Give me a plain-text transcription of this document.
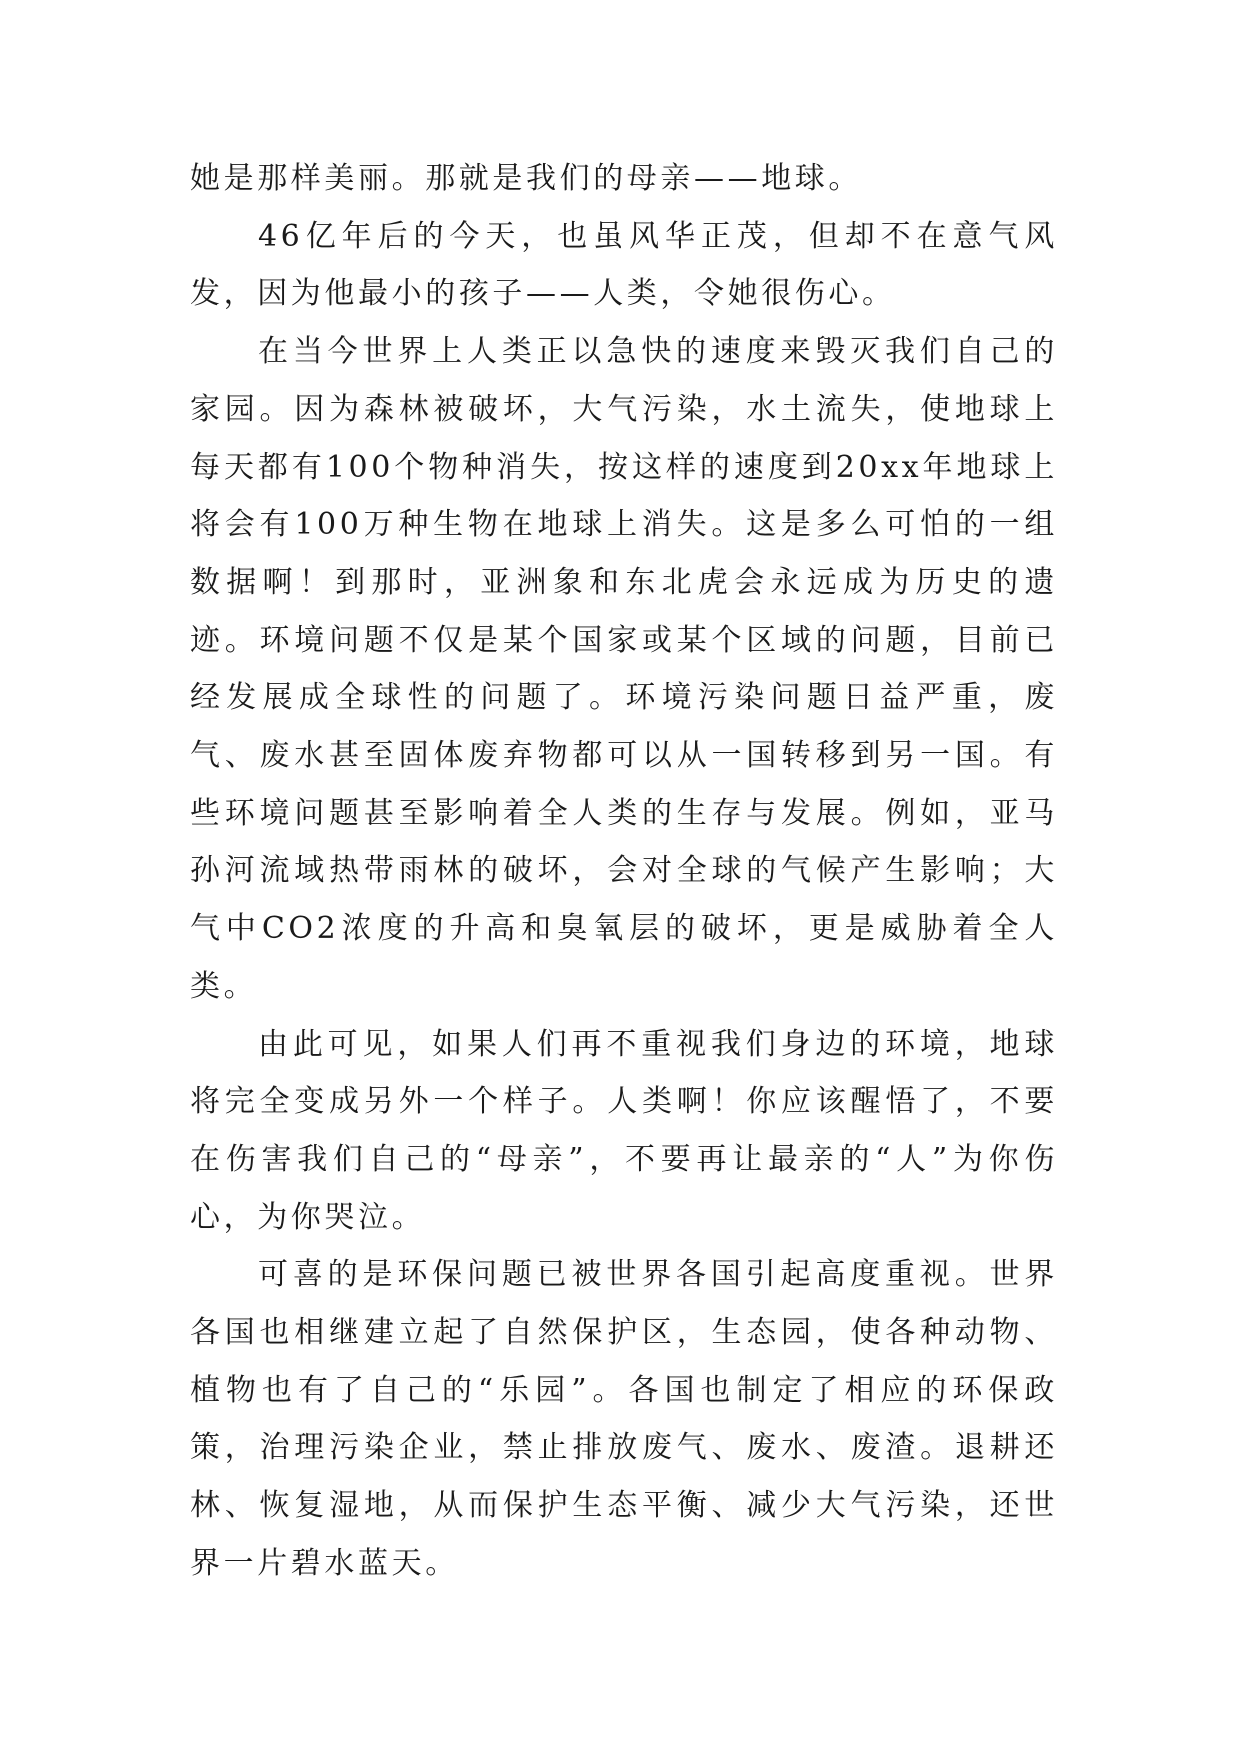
她是那样美丽。那就是我们的母亲——地球。

46亿年后的今天，也虽风华正茂，但却不在意气风发，因为他最小的孩子——人类，令她很伤心。

在当今世界上人类正以急快的速度来毁灭我们自己的家园。因为森林被破坏，大气污染，水土流失，使地球上每天都有100个物种消失，按这样的速度到20xx年地球上将会有100万种生物在地球上消失。这是多么可怕的一组数据啊！到那时，亚洲象和东北虎会永远成为历史的遗迹。环境问题不仅是某个国家或某个区域的问题，目前已经发展成全球性的问题了。环境污染问题日益严重，废气、废水甚至固体废弃物都可以从一国转移到另一国。有些环境问题甚至影响着全人类的生存与发展。例如，亚马孙河流域热带雨林的破坏，会对全球的气候产生影响；大气中CO2浓度的升高和臭氧层的破坏，更是威胁着全人类。

由此可见，如果人们再不重视我们身边的环境，地球将完全变成另外一个样子。人类啊！你应该醒悟了，不要在伤害我们自己的“母亲”，不要再让最亲的“人”为你伤心，为你哭泣。

可喜的是环保问题已被世界各国引起高度重视。世界各国也相继建立起了自然保护区，生态园，使各种动物、植物也有了自己的“乐园”。各国也制定了相应的环保政策，治理污染企业，禁止排放废气、废水、废渣。退耕还林、恢复湿地，从而保护生态平衡、减少大气污染，还世界一片碧水蓝天。
